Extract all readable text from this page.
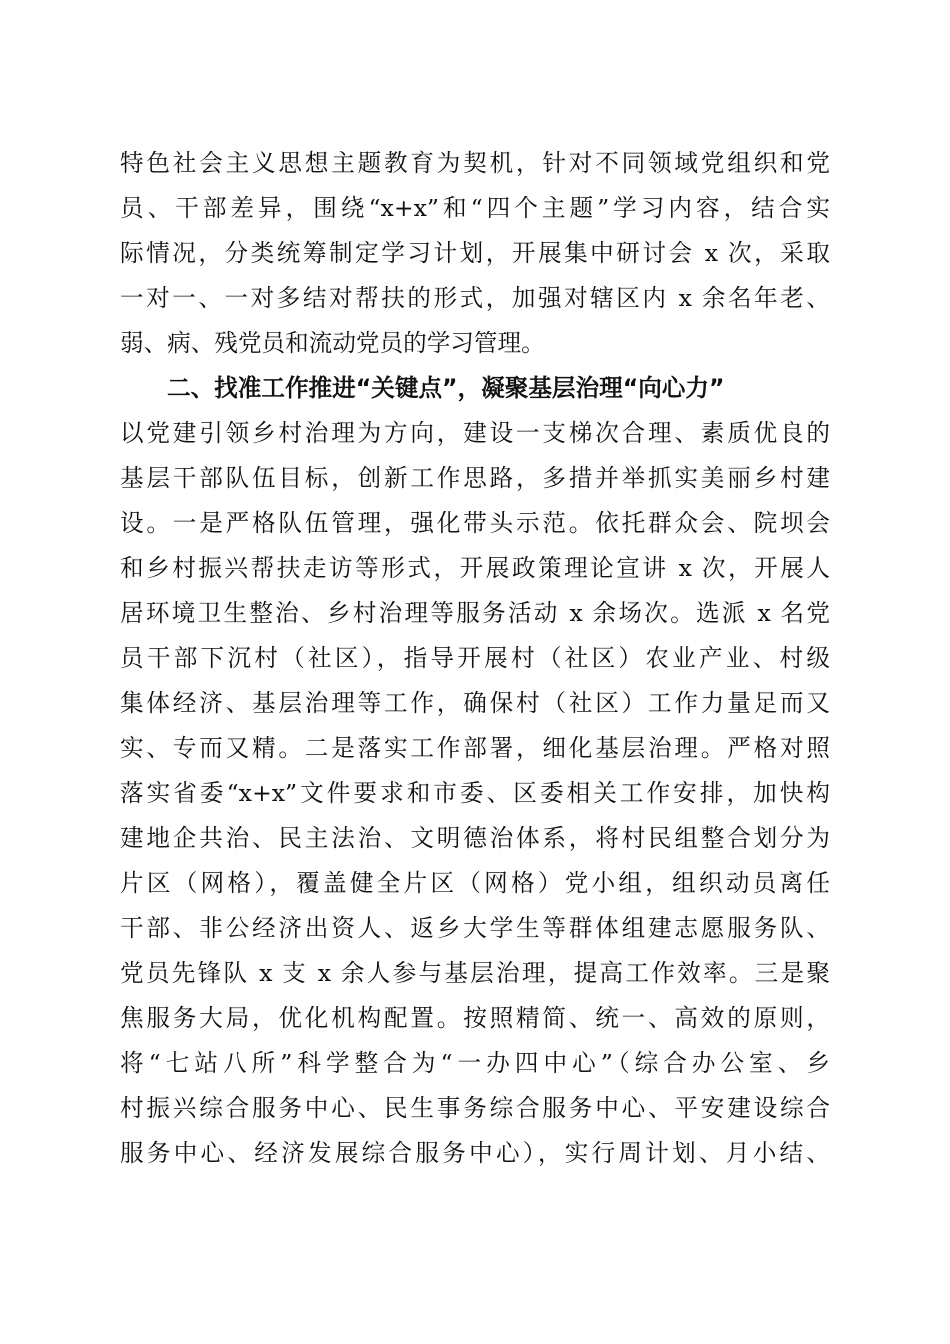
特色社会主义思想主题教育为契机，针对不同领域党组织和党
员、干部差异，围绕“x+x”和“四个主题”学习内容，结合实
际情况，分类统筹制定学习计划，开展集中研讨会 x 次，采取
一对一、一对多结对帮扶的形式，加强对辖区内 x 余名年老、
弱、病、残党员和流动党员的学习管理。
二、找准工作推进“关键点”，凝聚基层治理“向心力”
以党建引领乡村治理为方向，建设一支梯次合理、素质优良的
基层干部队伍目标，创新工作思路，多措并举抓实美丽乡村建
设。一是严格队伍管理，强化带头示范。依托群众会、院坝会
和乡村振兴帮扶走访等形式，开展政策理论宣讲 x 次，开展人
居环境卫生整治、乡村治理等服务活动 x 余场次。选派 x 名党
员干部下沉村（社区），指导开展村（社区）农业产业、村级
集体经济、基层治理等工作，确保村（社区）工作力量足而又
实、专而又精。二是落实工作部署，细化基层治理。严格对照
落实省委“x+x”文件要求和市委、区委相关工作安排，加快构
建地企共治、民主法治、文明德治体系，将村民组整合划分为
片区（网格），覆盖健全片区（网格）党小组，组织动员离任
干部、非公经济出资人、返乡大学生等群体组建志愿服务队、
党员先锋队 x 支 x 余人参与基层治理，提高工作效率。三是聚
焦服务大局，优化机构配置。按照精简、统一、高效的原则，
将“七站八所”科学整合为“一办四中心”（综合办公室、乡
村振兴综合服务中心、民生事务综合服务中心、平安建设综合
服务中心、经济发展综合服务中心），实行周计划、月小结、
